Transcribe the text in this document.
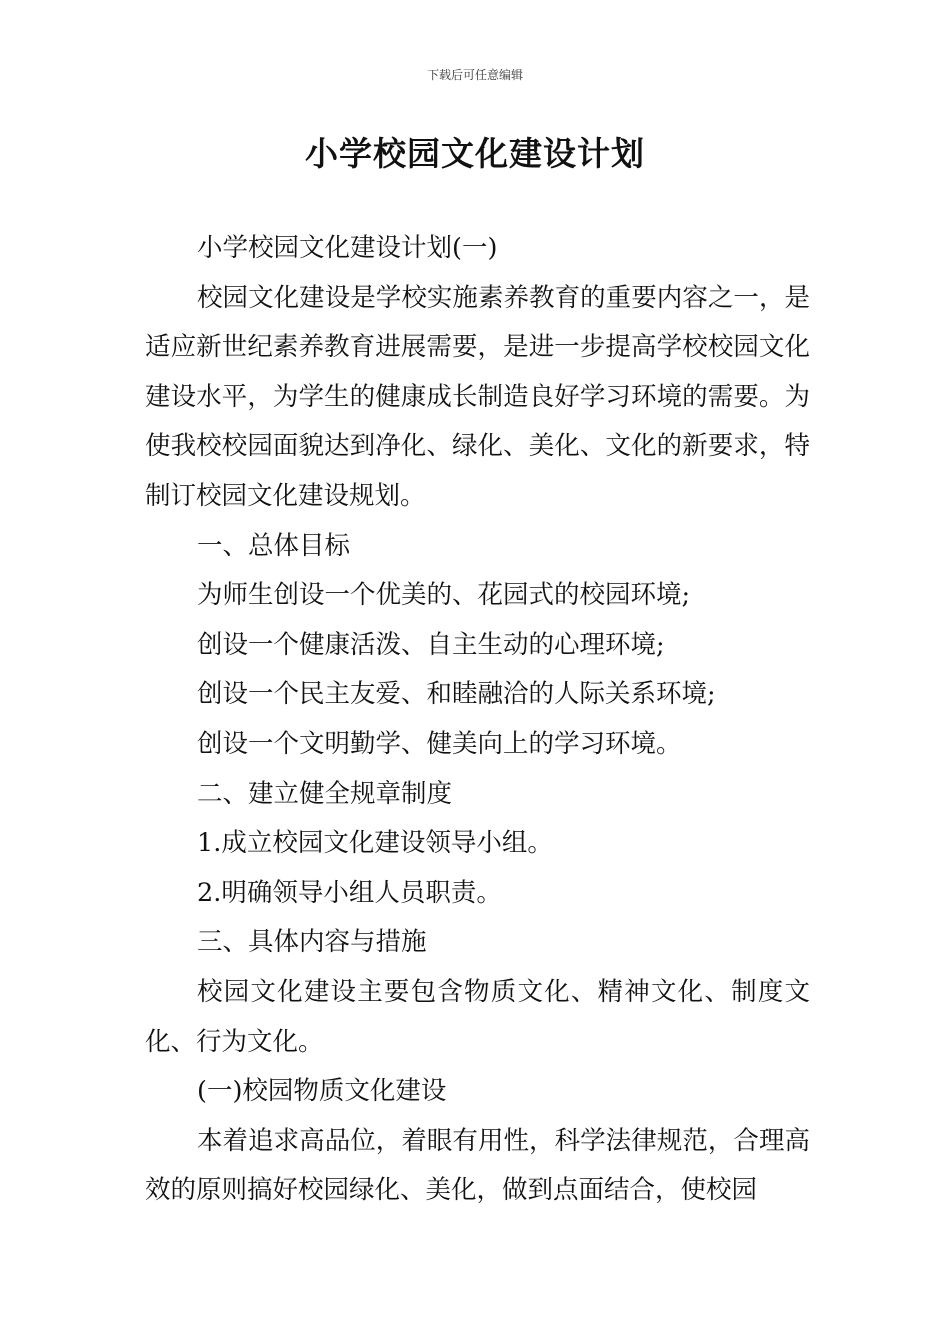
下载后可任意编辑
小学校园文化建设计划

小学校园文化建设计划(一)

校园文化建设是学校实施素养教育的重要内容之一，是适应新世纪素养教育进展需要，是进一步提高学校校园文化建设水平，为学生的健康成长制造良好学习环境的需要。为使我校校园面貌达到净化、绿化、美化、文化的新要求，特制订校园文化建设规划。

一、总体目标

为师生创设一个优美的、花园式的校园环境;

创设一个健康活泼、自主生动的心理环境;

创设一个民主友爱、和睦融洽的人际关系环境;

创设一个文明勤学、健美向上的学习环境。

二、建立健全规章制度

1.成立校园文化建设领导小组。

2.明确领导小组人员职责。

三、具体内容与措施

校园文化建设主要包含物质文化、精神文化、制度文化、行为文化。

(一)校园物质文化建设

本着追求高品位，着眼有用性，科学法律规范，合理高效的原则搞好校园绿化、美化，做到点面结合，使校园
